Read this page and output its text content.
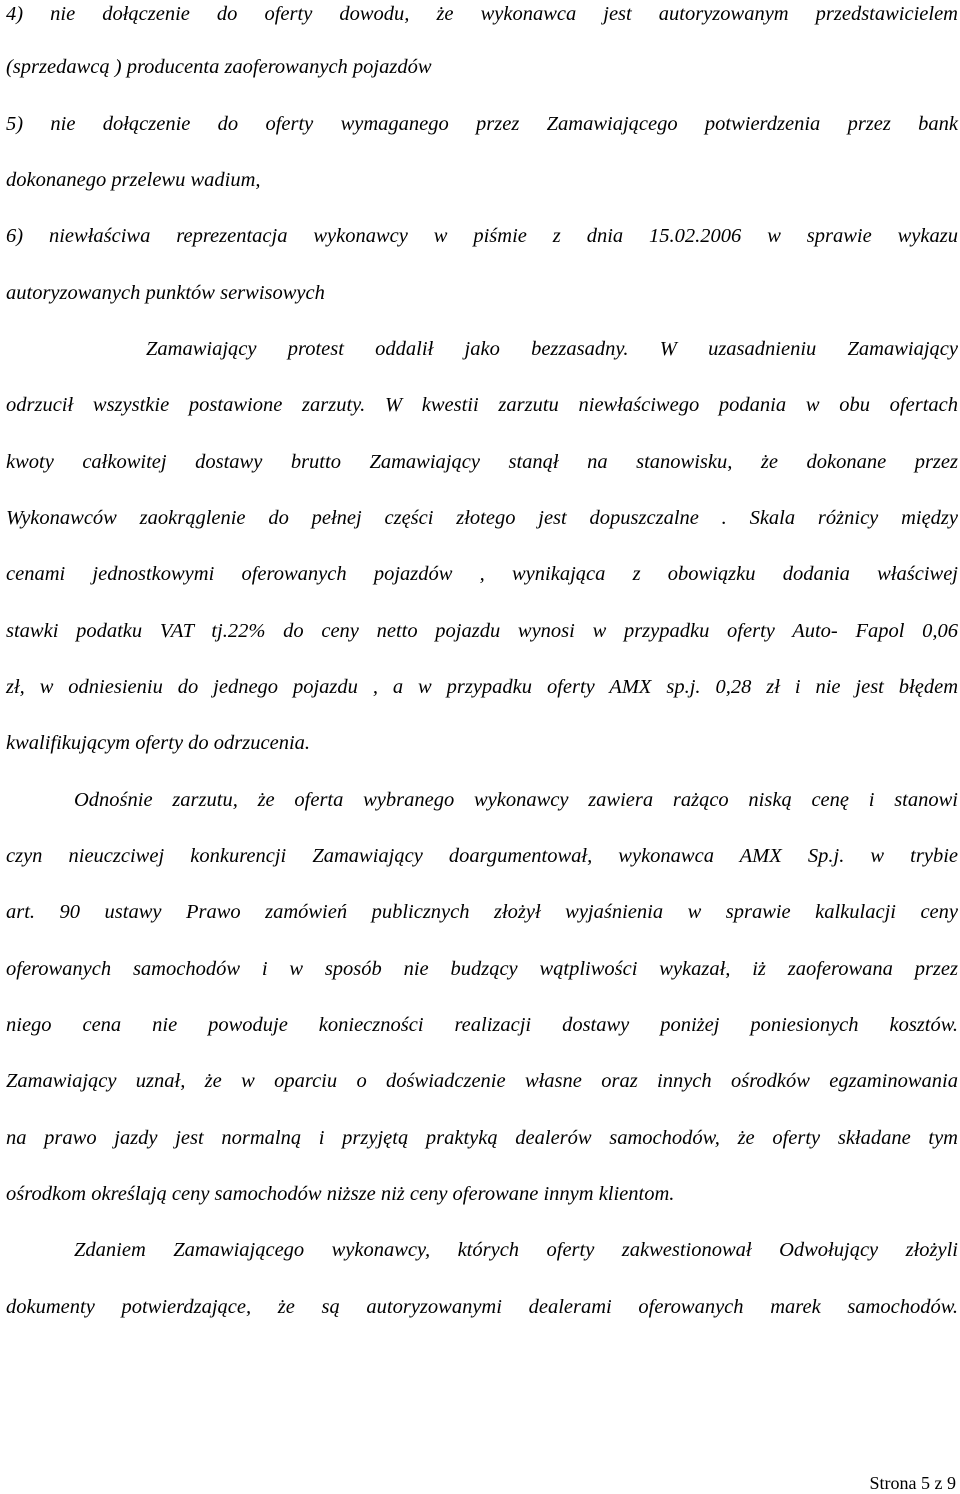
4) nie dołączenie do oferty dowodu, że wykonawca jest autoryzowanym przedstawicielem
(sprzedawcą ) producenta zaoferowanych pojazdów
5) nie dołączenie do oferty wymaganego przez Zamawiającego potwierdzenia przez bank
dokonanego przelewu wadium,
6) niewłaściwa reprezentacja wykonawcy w piśmie z dnia 15.02.2006 w sprawie wykazu
autoryzowanych punktów serwisowych
Zamawiający protest oddalił jako bezzasadny. W uzasadnieniu Zamawiający
odrzucił wszystkie postawione zarzuty. W kwestii zarzutu niewłaściwego podania w obu ofertach
kwoty całkowitej dostawy brutto Zamawiający stanął na stanowisku, że dokonane przez
Wykonawców zaokrąglenie do pełnej części złotego jest dopuszczalne . Skala różnicy między
cenami jednostkowymi oferowanych pojazdów , wynikająca z obowiązku dodania właściwej
stawki podatku VAT tj.22% do ceny netto pojazdu wynosi w przypadku oferty Auto- Fapol 0,06
zł, w odniesieniu do jednego pojazdu , a w przypadku oferty AMX sp.j. 0,28 zł i nie jest błędem
kwalifikującym oferty do odrzucenia.
Odnośnie zarzutu, że oferta wybranego wykonawcy zawiera rażąco niską cenę i stanowi
czyn nieuczciwej konkurencji Zamawiający doargumentował, wykonawca AMX Sp.j. w trybie
art. 90 ustawy Prawo zamówień publicznych złożył wyjaśnienia w sprawie kalkulacji ceny
oferowanych samochodów i w sposób nie budzący wątpliwości wykazał, iż zaoferowana przez
niego cena nie powoduje konieczności realizacji dostawy poniżej poniesionych kosztów.
Zamawiający uznał, że w oparciu o doświadczenie własne oraz innych ośrodków egzaminowania
na prawo jazdy jest normalną i przyjętą praktyką dealerów samochodów, że oferty składane tym
ośrodkom określają ceny samochodów niższe niż ceny oferowane innym klientom.
Zdaniem Zamawiającego wykonawcy, których oferty zakwestionował Odwołujący złożyli
dokumenty potwierdzające, że są autoryzowanymi dealerami oferowanych marek samochodów.
Strona 5 z 9
